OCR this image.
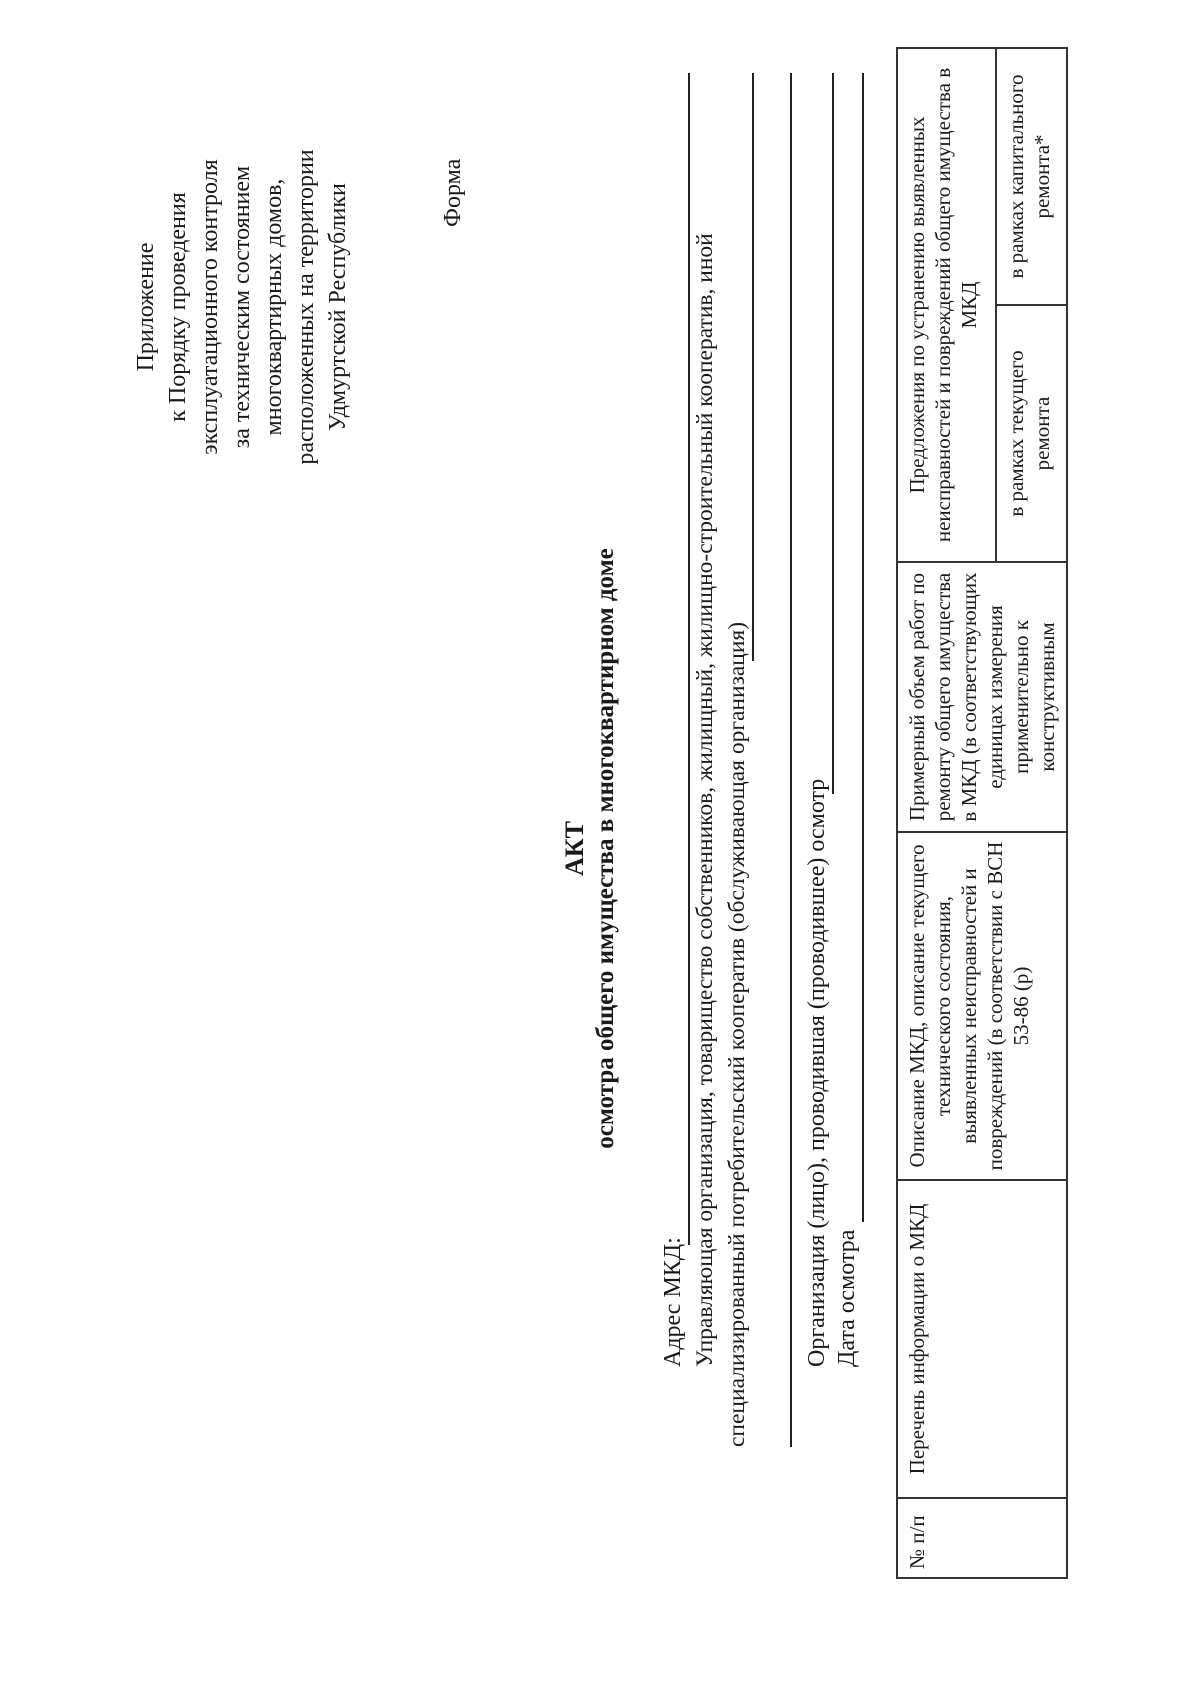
Приложение к Порядку проведения эксплуатационного контроля за техническим состоянием многоквартирных домов, расположенных на территории Удмуртской Республики	Форма
АКТ осмотра общего имущества в многоквартирном доме
Адрес МКД: Управляющая организация, товарищество собственников, жилищный, жилищно-строительный кооператив, иной специализированный потребительский кооператив (обслуживающая организация) Организация (лицо), проводившая (проводившее) осмотр Дата осмотра
№ п/п	Перечень информации о МКД	Описание МКД, описание текущего технического состояния, выявленных неисправностей и повреждений (в соответствии с ВСН 53-86 (р)	Примерный объем работ по ремонту общего имущества в МКД (в соответствующих единицах измерения применительно к конструктивным	Предложения по устранению выявленных неисправностей и повреждений общего имущества в МКД	
				в рамках текущего ремонта	в рамках капитального ремонта*
